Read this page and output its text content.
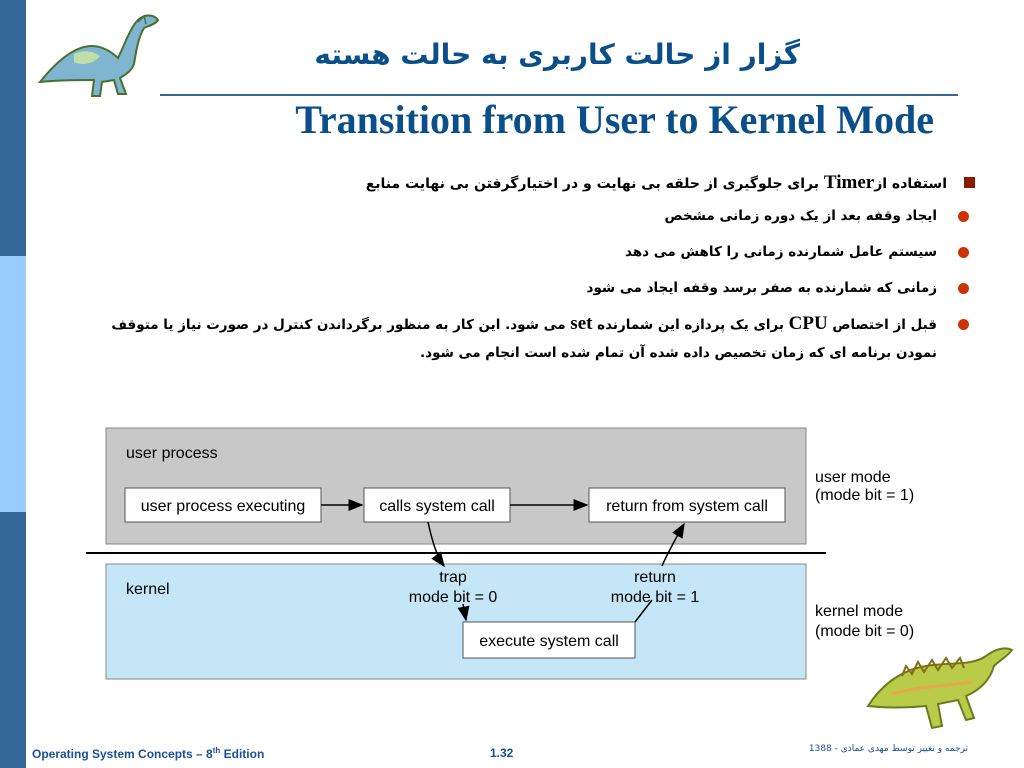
گزار از حالت کاربری به حالت هسته
Transition from User to Kernel Mode
استفاده ازTimer برای جلوگیری از حلقه بی نهایت و در اختیارگرفتن بی نهایت منابع
ایجاد وقفه بعد از یک دوره زمانی مشخص
سیستم عامل شمارنده زمانی را کاهش می دهد
زمانی که شمارنده به صفر برسد وقفه ایجاد می شود
قبل از اختصاص CPU برای یک پردازه این شمارنده set می شود. این کار به منظور برگرداندن کنترل در صورت نیاز یا متوقف نمودن برنامه ای که زمان تخصیص داده شده آن تمام شده است انجام می شود.
user process
kernel
user process executing	calls system call	return from system call
execute system call
trap
mode bit = 0
return
mode bit = 1
user mode
(mode bit = 1)
kernel mode
(mode bit = 0)
Operating System Concepts – 8th Edition	1.32	ترجمه و تغییر توسط مهدی عمادی - 1388
